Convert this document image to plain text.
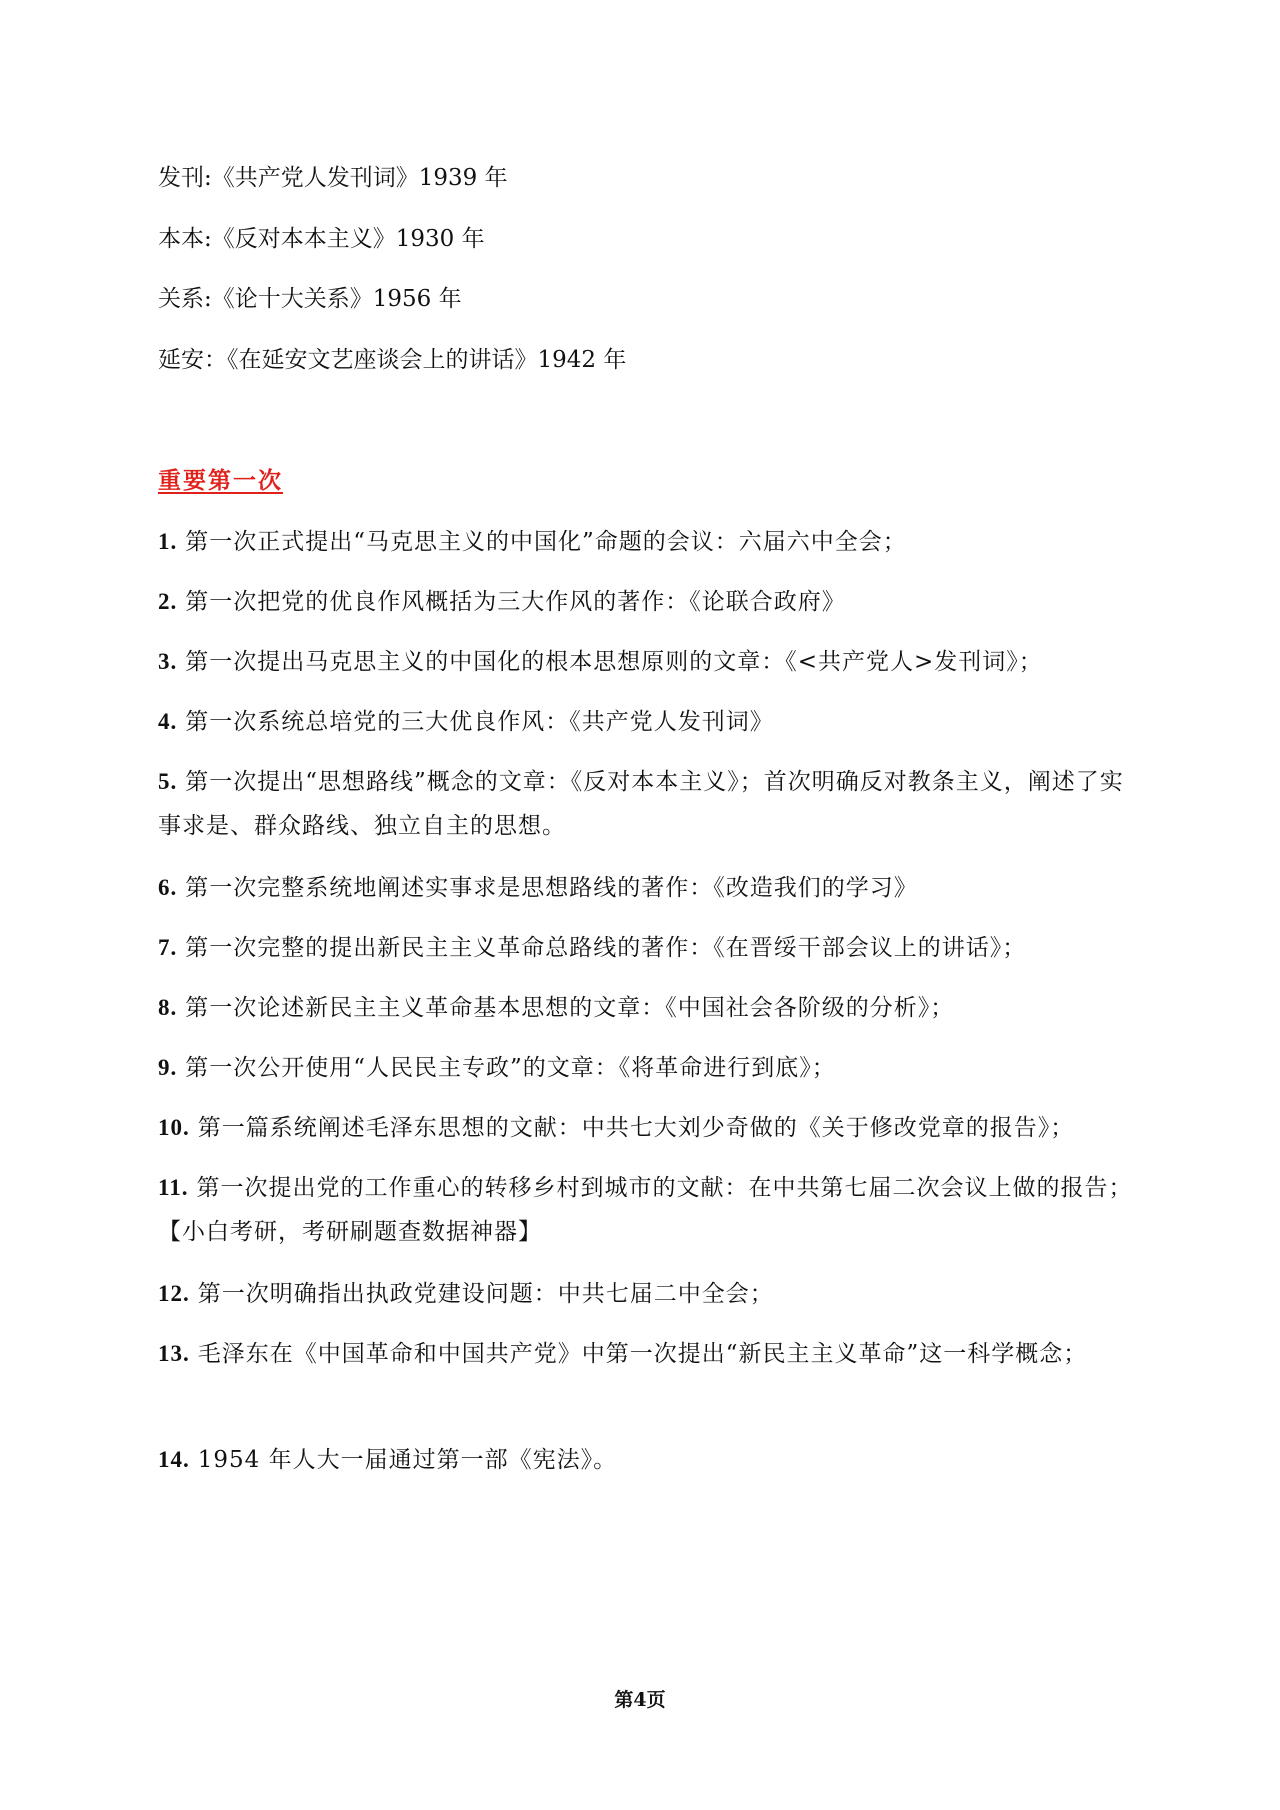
发刊:《共产党人发刊词》1939 年
本本:《反对本本主义》1930 年
关系:《论十大关系》1956 年
延安：《在延安文艺座谈会上的讲话》1942 年
重要第一次
1. 第一次正式提出“马克思主义的中国化”命题的会议：六届六中全会；
2. 第一次把党的优良作风概括为三大作风的著作：《论联合政府》
3. 第一次提出马克思主义的中国化的根本思想原则的文章：《<共产党人>发刊词》；
4. 第一次系统总培党的三大优良作风：《共产党人发刊词》
5. 第一次提出“思想路线”概念的文章：《反对本本主义》；首次明确反对教条主义，阐述了实事求是、群众路线、独立自主的思想。
6. 第一次完整系统地阐述实事求是思想路线的著作：《改造我们的学习》
7. 第一次完整的提出新民主主义革命总路线的著作：《在晋绥干部会议上的讲话》；
8. 第一次论述新民主主义革命基本思想的文章：《中国社会各阶级的分析》；
9. 第一次公开使用“人民民主专政”的文章：《将革命进行到底》；
10. 第一篇系统阐述毛泽东思想的文献：中共七大刘少奇做的《关于修改党章的报告》；
11. 第一次提出党的工作重心的转移乡村到城市的文献：在中共第七届二次会议上做的报告；【小白考研，考研刷题查数据神器】
12. 第一次明确指出执政党建设问题：中共七届二中全会；
13. 毛泽东在《中国革命和中国共产党》中第一次提出“新民主主义革命”这一科学概念；
14. 1954 年人大一届通过第一部《宪法》。
第4页
